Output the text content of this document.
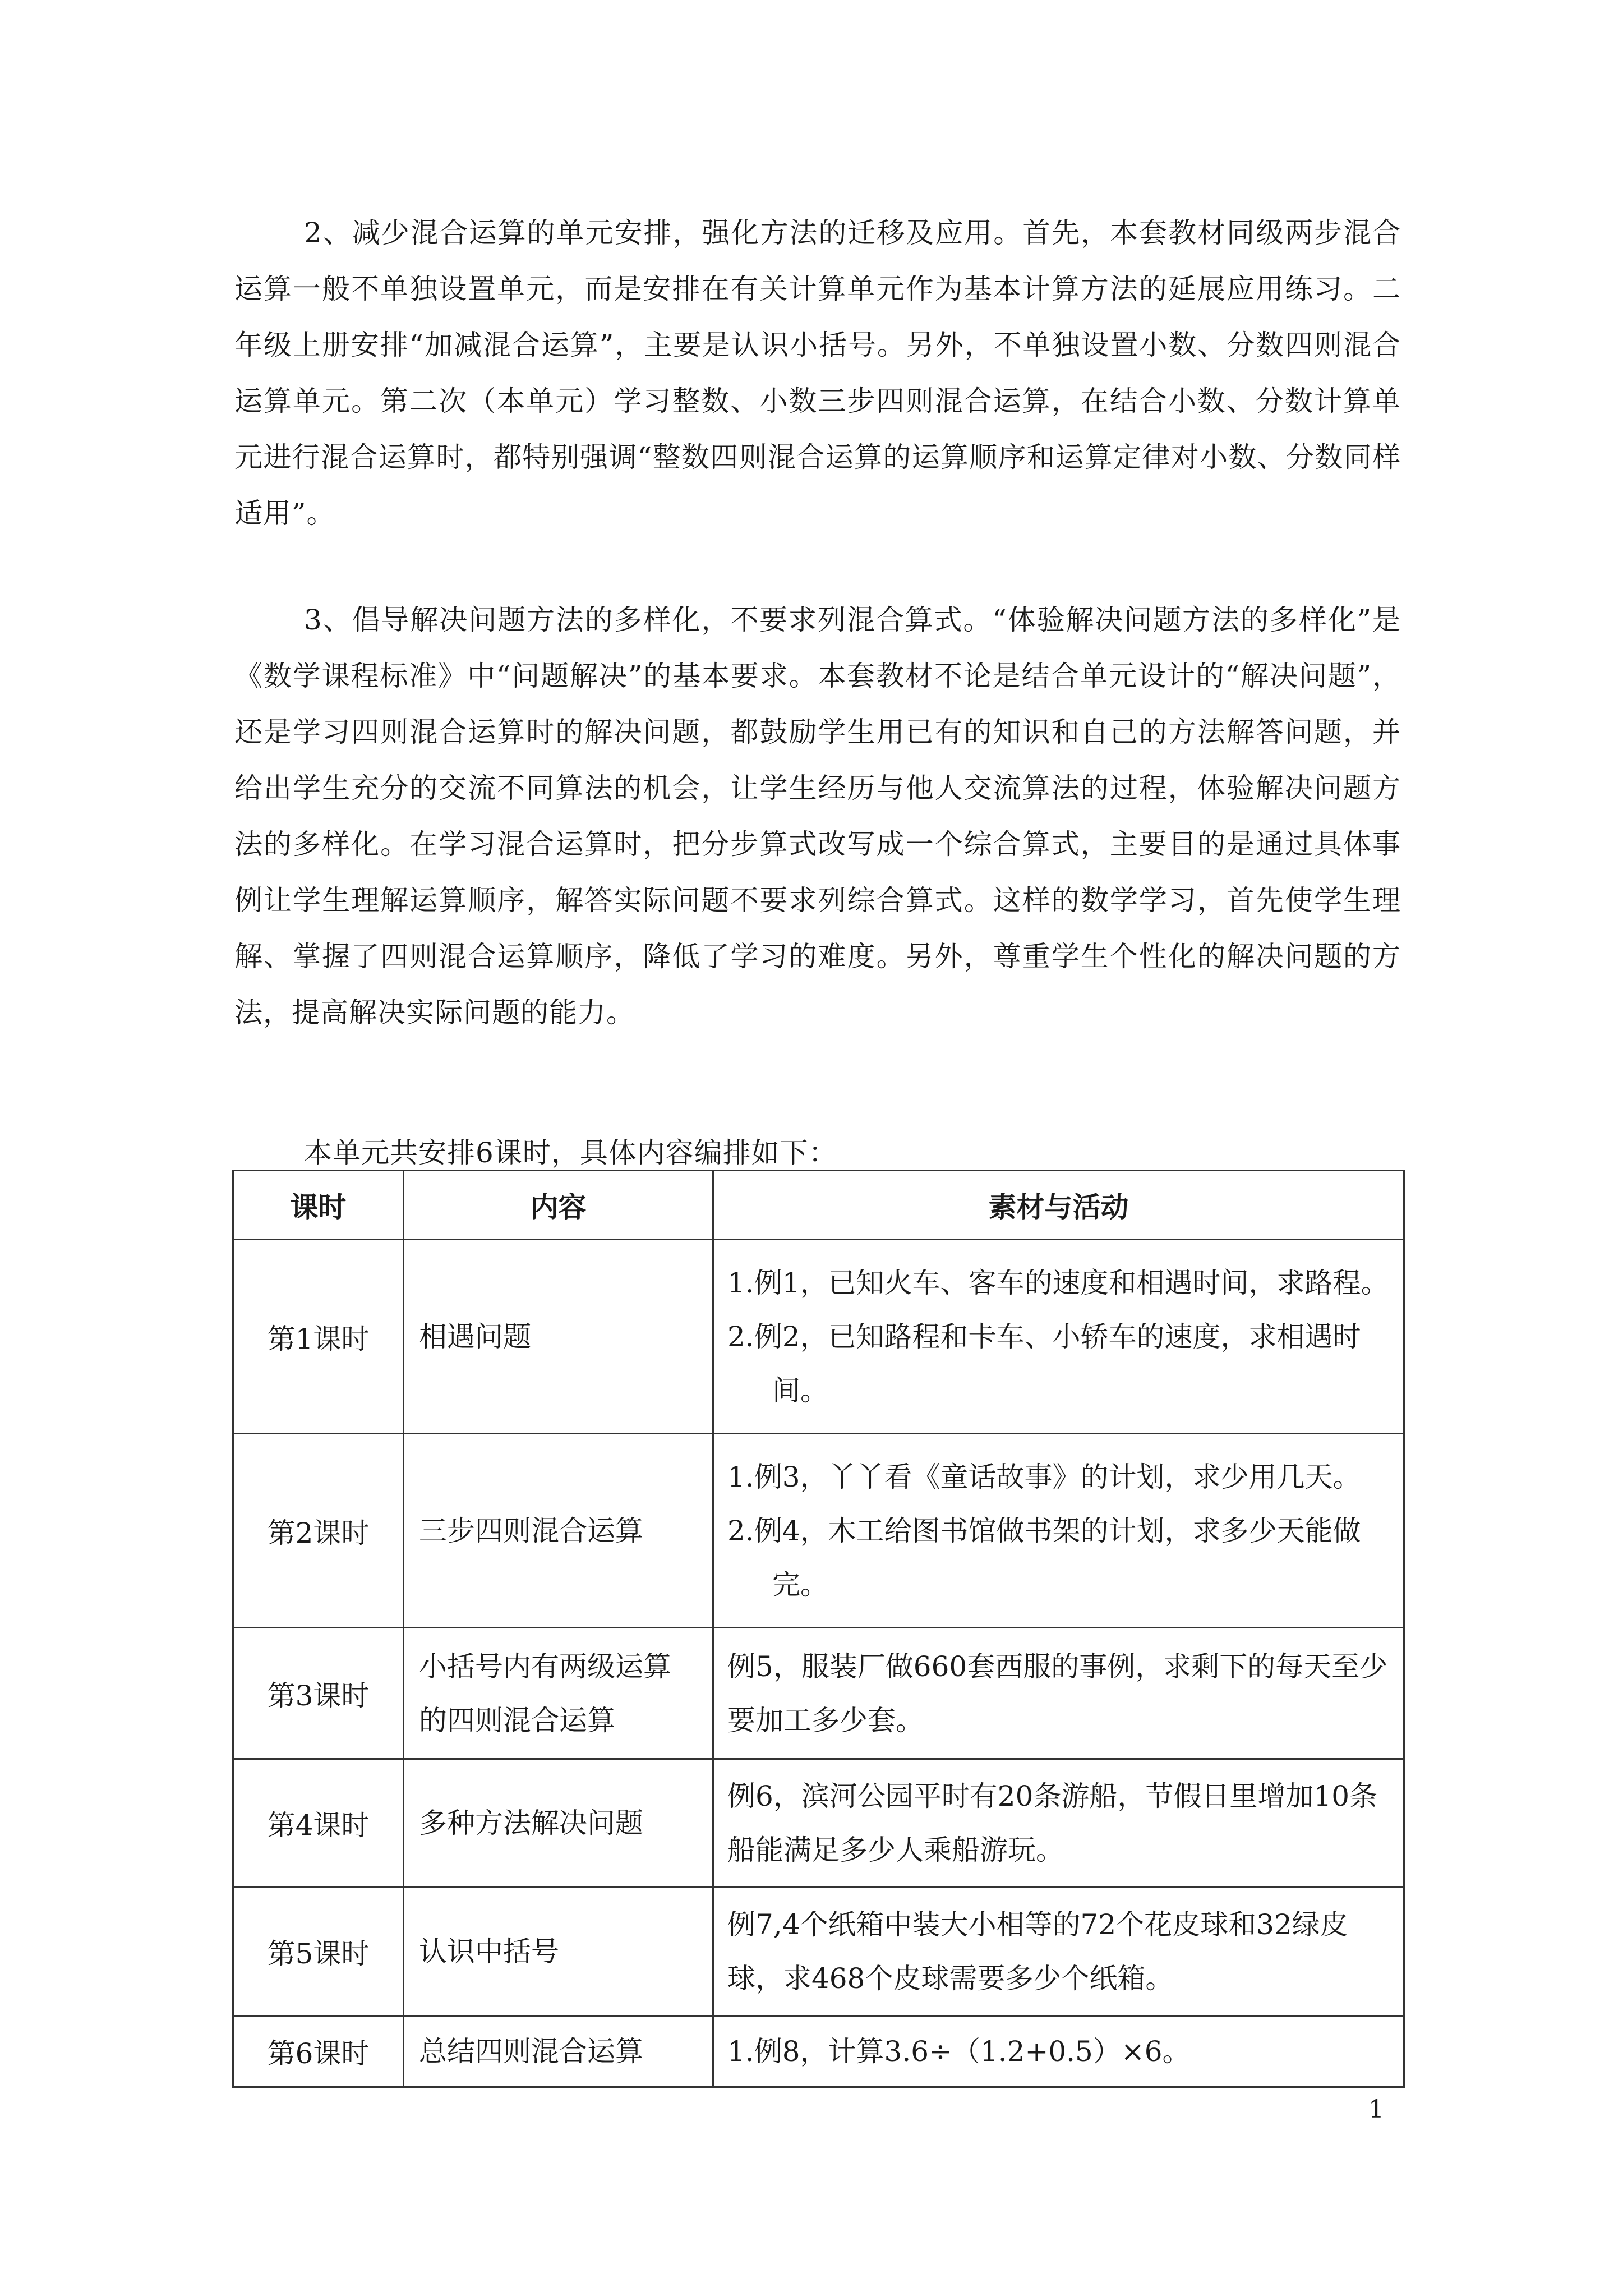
2、减少混合运算的单元安排，强化方法的迁移及应用。首先，本套教材同级两步混合运算一般不单独设置单元，而是安排在有关计算单元作为基本计算方法的延展应用练习。二年级上册安排“加减混合运算”，主要是认识小括号。另外，不单独设置小数、分数四则混合运算单元。第二次（本单元）学习整数、小数三步四则混合运算，在结合小数、分数计算单元进行混合运算时，都特别强调“整数四则混合运算的运算顺序和运算定律对小数、分数同样适用”。

3、倡导解决问题方法的多样化，不要求列混合算式。“体验解决问题方法的多样化”是《数学课程标准》中“问题解决”的基本要求。本套教材不论是结合单元设计的“解决问题”，还是学习四则混合运算时的解决问题，都鼓励学生用已有的知识和自己的方法解答问题，并给出学生充分的交流不同算法的机会，让学生经历与他人交流算法的过程，体验解决问题方法的多样化。在学习混合运算时，把分步算式改写成一个综合算式，主要目的是通过具体事例让学生理解运算顺序，解答实际问题不要求列综合算式。这样的数学学习，首先使学生理解、掌握了四则混合运算顺序，降低了学习的难度。另外，尊重学生个性化的解决问题的方法，提高解决实际问题的能力。

本单元共安排6课时，具体内容编排如下：

课时	内容	素材与活动
第1课时	相遇问题	1.例1，已知火车、客车的速度和相遇时间，求路程。
2.例2，已知路程和卡车、小轿车的速度，求相遇时间。

第2课时	三步四则混合运算	1.例3，丫丫看《童话故事》的计划，求少用几天。
2.例4，木工给图书馆做书架的计划，求多少天能做完。

第3课时	小括号内有两级运算的四则混合运算	例5，服装厂做660套西服的事例，求剩下的每天至少要加工多少套。
第4课时	多种方法解决问题	例6，滨河公园平时有20条游船，节假日里增加10条船能满足多少人乘船游玩。
第5课时	认识中括号	例7,4个纸箱中装大小相等的72个花皮球和32绿皮球，求468个皮球需要多少个纸箱。
第6课时	总结四则混合运算	1.例8，计算3.6÷（1.2+0.5）×6。
1
